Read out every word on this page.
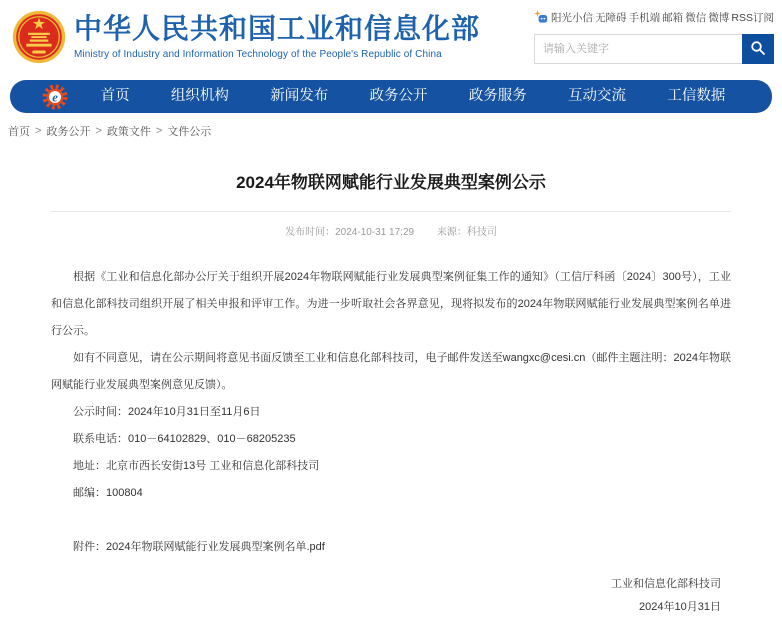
中华人民共和国工业和信息化部
Ministry of Industry and Information Technology of the People's Republic of China
阳光小信 无障碍 手机端 邮箱 微信 微博 RSS订阅
请输入关键字
e	首页	组织机构	新闻发布	政务公开	政务服务	互动交流	工信数据
首页 > 政务公开 > 政策文件 > 文件公示
2024年物联网赋能行业发展典型案例公示
发布时间：2024-10-31 17:29 来源：科技司

根据《工业和信息化部办公厅关于组织开展2024年物联网赋能行业发展典型案例征集工作的通知》（工信厅科函〔2024〕300号），工业和信息化部科技司组织开展了相关申报和评审工作。为进一步听取社会各界意见，现将拟发布的2024年物联网赋能行业发展典型案例名单进行公示。

如有不同意见，请在公示期间将意见书面反馈至工业和信息化部科技司，电子邮件发送至wangxc@cesi.cn（邮件主题注明：2024年物联网赋能行业发展典型案例意见反馈）。

公示时间：2024年10月31日至11月6日

联系电话：010－64102829、010－68205235

地址：北京市西长安街13号 工业和信息化部科技司

邮编：100804

附件：2024年物联网赋能行业发展典型案例名单.pdf

工业和信息化部科技司
2024年10月31日
